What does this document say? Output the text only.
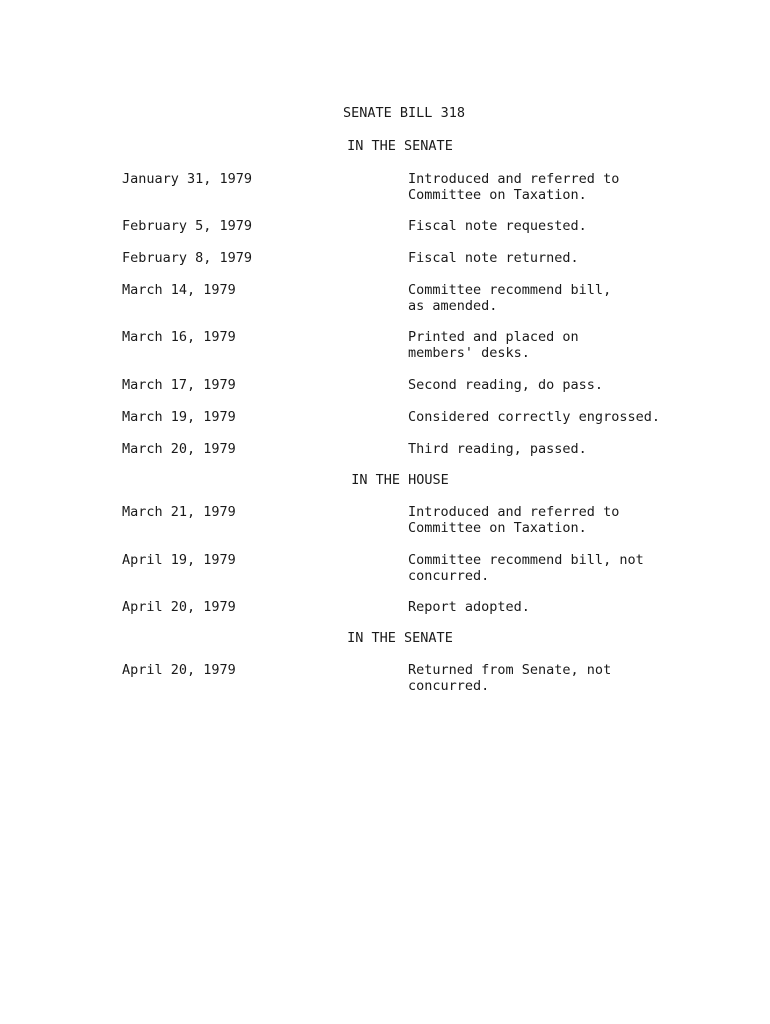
SENATE BILL 318
IN THE SENATE
January 31, 1979	Introduced and referred to
Committee on Taxation.
February 5, 1979	Fiscal note requested.
February 8, 1979	Fiscal note returned.
March 14, 1979	Committee recommend bill,
as amended.
March 16, 1979	Printed and placed on
members' desks.
March 17, 1979	Second reading, do pass.
March 19, 1979	Considered correctly engrossed.
March 20, 1979	Third reading, passed.
IN THE HOUSE
March 21, 1979	Introduced and referred to
Committee on Taxation.
April 19, 1979	Committee recommend bill, not
concurred.
April 20, 1979	Report adopted.
IN THE SENATE
April 20, 1979	Returned from Senate, not
concurred.
